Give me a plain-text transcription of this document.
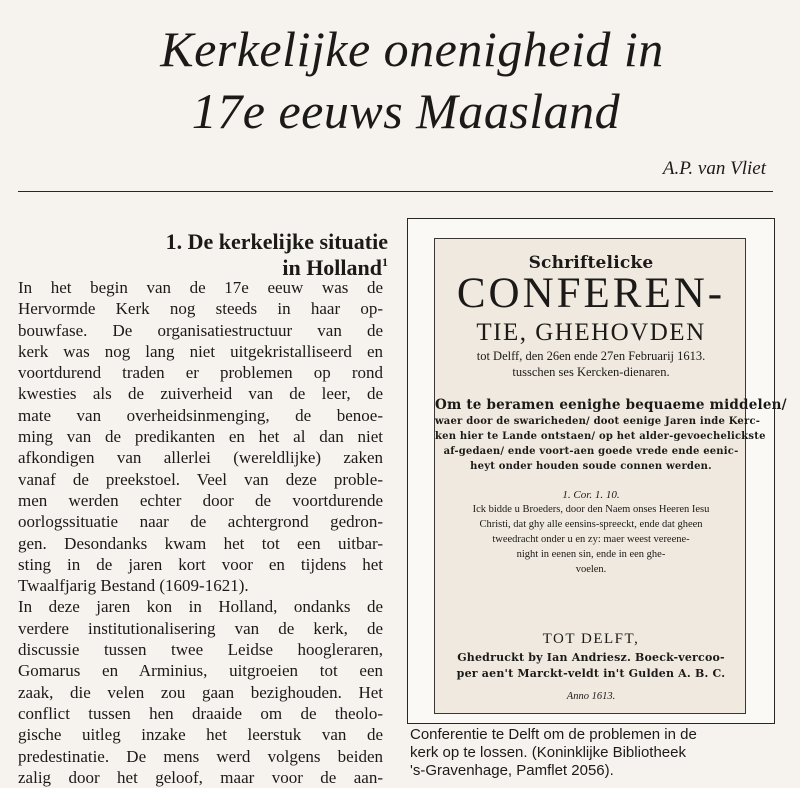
Kerkelijke onenigheid in
17e eeuws Maasland
A.P. van Vliet
1. De kerkelijke situatie
in Holland$^1$
In het begin van de 17e eeuw was de
Hervormde Kerk nog steeds in haar op-
bouwfase. De organisatiestructuur van de
kerk was nog lang niet uitgekristalliseerd en
voortdurend traden er problemen op rond
kwesties als de zuiverheid van de leer, de
mate van overheidsinmenging, de benoe-
ming van de predikanten en het al dan niet
afkondigen van allerlei (wereldlijke) zaken
vanaf de preekstoel. Veel van deze proble-
men werden echter door de voortdurende
oorlogssituatie naar de achtergrond gedron-
gen. Desondanks kwam het tot een uitbar-
sting in de jaren kort voor en tijdens het
Twaalfjarig Bestand (1609-1621).
In deze jaren kon in Holland, ondanks de
verdere institutionalisering van de kerk, de
discussie tussen twee Leidse hoogleraren,
Gomarus en Arminius, uitgroeien tot een
zaak, die velen zou gaan bezighouden. Het
conflict tussen hen draaide om de theolo-
gische uitleg inzake het leerstuk van de
predestinatie. De mens werd volgens beiden
zalig door het geloof, maar voor de aan-
Schriftelicke
CONFEREN-
TIE, GHEHOVDEN
tot Delff, den 26en ende 27en Februarij 1613.
tusschen ses Kercken-dienaren.
Om te beramen eenighe bequaeme middelen/
waer door de swaricheden/ doot eenige Jaren inde Kerc-
ken hier te Lande ontstaen/ op het alder-gevoechelickste
af-gedaen/ ende voort-aen goede vrede ende eenic-
heyt onder houden soude connen werden.
1. Cor. 1. 10.
Ick bidde u Broeders, door den Naem onses Heeren Iesu
Christi, dat ghy alle eensins-spreeckt, ende dat gheen
tweedracht onder u en zy: maer weest vereene-
night in eenen sin, ende in een ghe-
voelen.
TOT DELFT,
Ghedruckt by Ian Andriesz. Boeck-vercoo-
per aen't Marckt-veldt in't Gulden A. B. C.
Anno 1613.
Conferentie te Delft om de problemen in de
kerk op te lossen. (Koninklijke Bibliotheek
's-Gravenhage, Pamflet 2056).
